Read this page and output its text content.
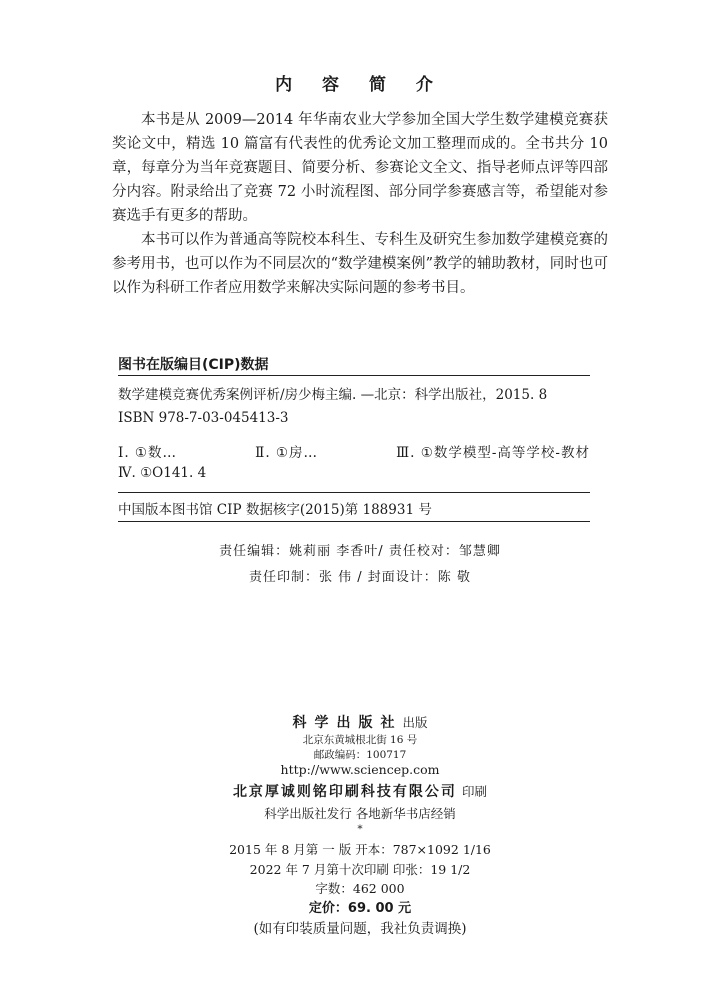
内 容 简 介

本书是从 2009—2014 年华南农业大学参加全国大学生数学建模竞赛获奖论文中，精选 10 篇富有代表性的优秀论文加工整理而成的。全书共分 10 章，每章分为当年竞赛题目、简要分析、参赛论文全文、指导老师点评等四部分内容。附录给出了竞赛 72 小时流程图、部分同学参赛感言等，希望能对参赛选手有更多的帮助。

本书可以作为普通高等院校本科生、专科生及研究生参加数学建模竞赛的参考用书，也可以作为不同层次的“数学建模案例”教学的辅助教材，同时也可以作为科研工作者应用数学来解决实际问题的参考书目。

图书在版编目(CIP)数据
数学建模竞赛优秀案例评析/房少梅主编. —北京：科学出版社，2015. 8
ISBN 978-7-03-045413-3
Ⅰ. ①数…	Ⅱ. ①房…	Ⅲ. ①数学模型-高等学校-教材
Ⅳ. ①O141. 4
中国版本图书馆 CIP 数据核字(2015)第 188931 号
责任编辑：姚莉丽 李香叶/ 责任校对：邹慧卿
责任印制：张 伟 / 封面设计：陈 敬
科学出版社出版
北京东黄城根北街 16 号
邮政编码：100717
http://www.sciencep.com
北京厚诚则铭印刷科技有限公司 印刷
科学出版社发行 各地新华书店经销
*
2015 年 8 月第 一 版 开本：787×1092 1/16
2022 年 7 月第十次印刷 印张：19 1/2
字数：462 000
定价：69. 00 元
(如有印装质量问题，我社负责调换)
